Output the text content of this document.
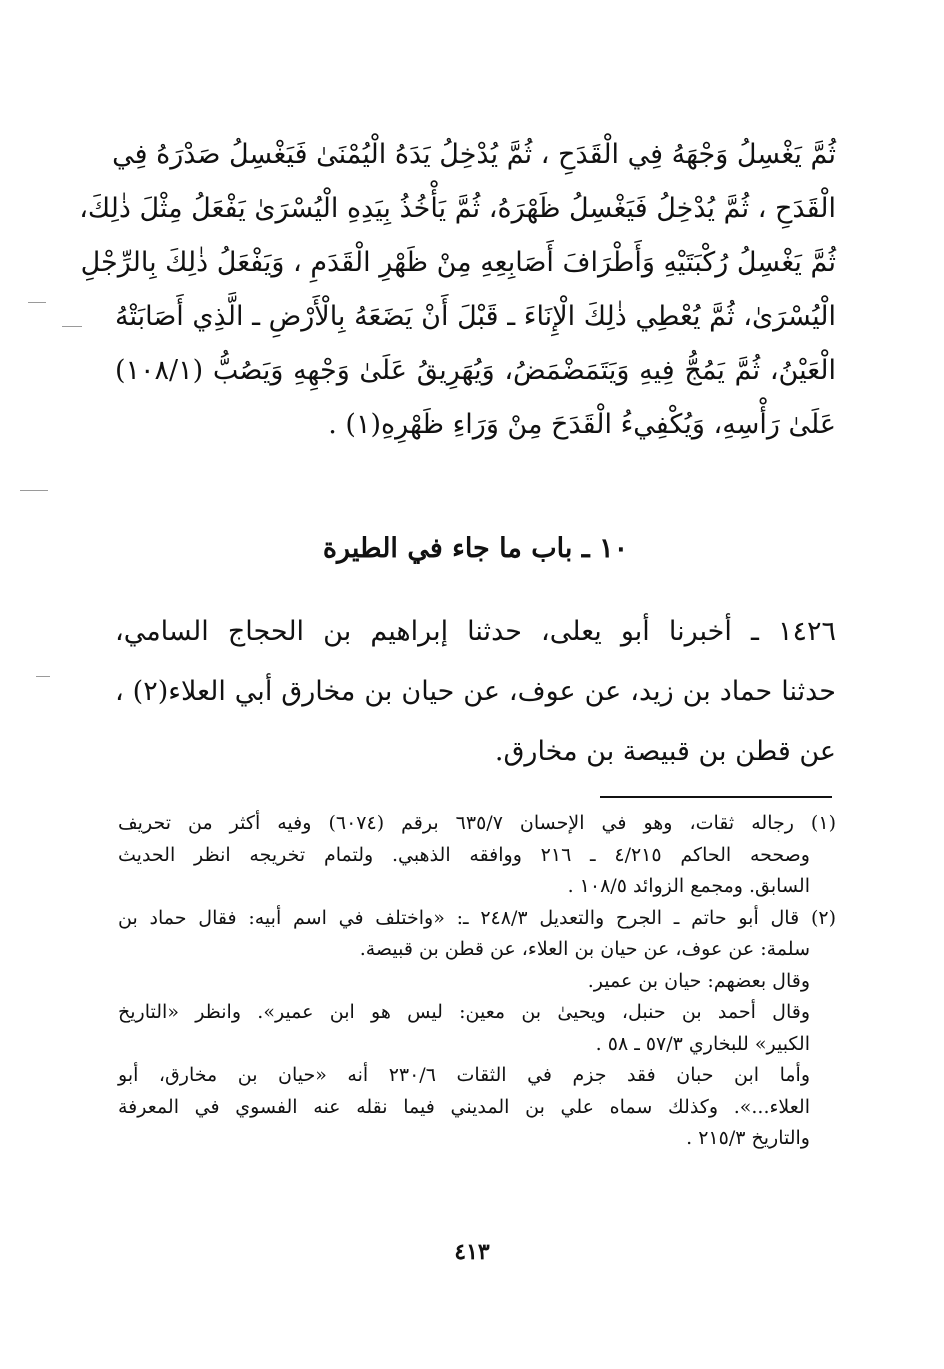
ثُمَّ يَغْسِلُ وَجْهَهُ فِي الْقَدَحِ ، ثُمَّ يُدْخِلُ يَدَهُ الْيُمْنَىٰ فَيَغْسِلُ صَدْرَهُ فِي
الْقَدَحِ ، ثُمَّ يُدْخِلُ فَيَغْسِلُ ظَهْرَهُ، ثُمَّ يَأْخُذُ بِيَدِهِ الْيُسْرَىٰ يَفْعَلُ مِثْلَ ذٰلِكَ،
ثُمَّ يَغْسِلُ رُكْبَتَيْهِ وَأَطْرَافَ أَصَابِعِهِ مِنْ ظَهْرِ الْقَدَمِ ، وَيَفْعَلُ ذٰلِكَ بِالرِّجْلِ
الْيُسْرَىٰ، ثُمَّ يُعْطِي ذٰلِكَ الْإِنَاءَ ـ قَبْلَ أَنْ يَضَعَهُ بِالْأَرْضِ ـ الَّذِي أَصَابَتْهُ
الْعَيْنُ، ثُمَّ يَمُجُّ فِيهِ وَيَتَمَضْمَضُ، وَيُهَرِيقُ عَلَىٰ وَجْهِهِ وَيَصُبُّ (١٠٨/١)
عَلَىٰ رَأْسِهِ، وَيُكْفِيءُ الْقَدَحَ مِنْ وَرَاءِ ظَهْرِهِ(١) .
١٠ ـ باب ما جاء في الطيرة
١٤٢٦ ـ أخبرنا أبو يعلى، حدثنا إبراهيم بن الحجاج السامي،
حدثنا حماد بن زيد، عن عوف، عن حيان بن مخارق أبي العلاء(٢) ،
عن قطن بن قبيصة بن مخارق.
(١) رجاله ثقات، وهو في الإحسان ٦٣٥/٧ برقم (٦٠٧٤) وفيه أكثر من تحريف
وصححه الحاكم ٤/٢١٥ ـ ٢١٦ ووافقه الذهبي. ولتمام تخريجه انظر الحديث
السابق. ومجمع الزوائد ١٠٨/٥ .
(٢) قال أبو حاتم ـ الجرح والتعديل ٢٤٨/٣ ـ: «واختلف في اسم أبيه: فقال حماد بن
سلمة: عن عوف، عن حيان بن العلاء، عن قطن بن قبيصة.
وقال بعضهم: حيان بن عمير.
وقال أحمد بن حنبل، ويحيىٰ بن معين: ليس هو ابن عمير». وانظر «التاريخ
الكبير» للبخاري ٥٧/٣ ـ ٥٨ .
وأما ابن حبان فقد جزم في الثقات ٢٣٠/٦ أنه «حيان بن مخارق، أبو
العلاء...». وكذلك سماه علي بن المديني فيما نقله عنه الفسوي في المعرفة
والتاريخ ٢١٥/٣ .
٤١٣
